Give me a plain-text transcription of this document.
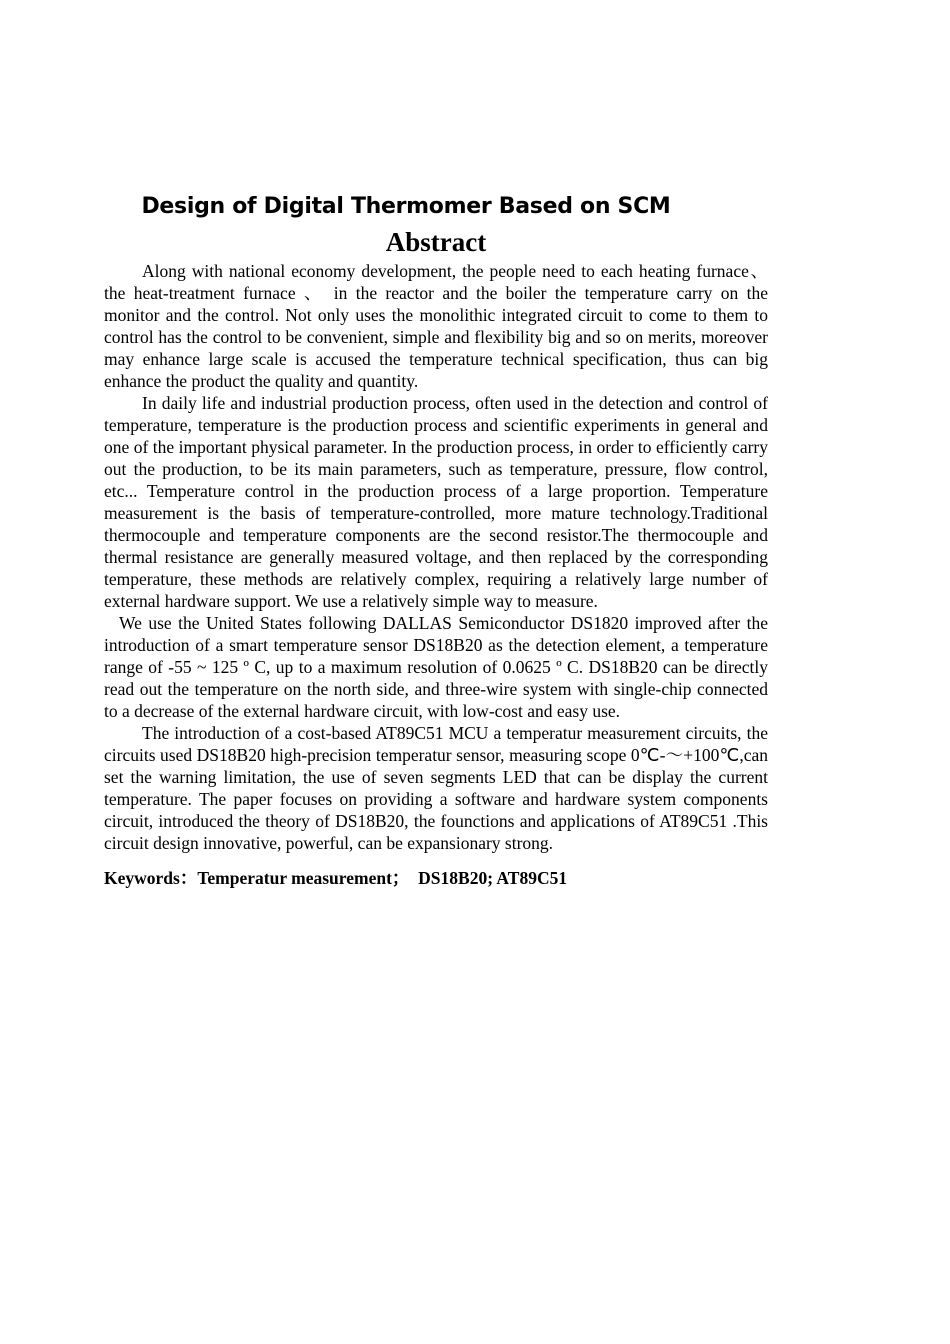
Design of Digital Thermomer Based on SCM
Abstract

Along with national economy development, the people need to each heating furnace、 the heat-treatment furnace 、 in the reactor and the boiler the temperature carry on the monitor and the control. Not only uses the monolithic integrated circuit to come to them to control has the control to be convenient, simple and flexibility big and so on merits, moreover may enhance large scale is accused the temperature technical specification, thus can big enhance the product the quality and quantity.

In daily life and industrial production process, often used in the detection and control of temperature, temperature is the production process and scientific experiments in general and one of the important physical parameter. In the production process, in order to efficiently carry out the production, to be its main parameters, such as temperature, pressure, flow control, etc... Temperature control in the production process of a large proportion. Temperature measurement is the basis of temperature-controlled, more mature technology.Traditional thermocouple and temperature components are the second resistor.The thermocouple and thermal resistance are generally measured voltage, and then replaced by the corresponding temperature, these methods are relatively complex, requiring a relatively large number of external hardware support. We use a relatively simple way to measure.

We use the United States following DALLAS Semiconductor DS1820 improved after the introduction of a smart temperature sensor DS18B20 as the detection element, a temperature range of -55 ~ 125 º C, up to a maximum resolution of 0.0625 º C. DS18B20 can be directly read out the temperature on the north side, and three-wire system with single-chip connected to a decrease of the external hardware circuit, with low-cost and easy use.

The introduction of a cost-based AT89C51 MCU a temperatur measurement circuits, the circuits used DS18B20 high-precision temperatur sensor, measuring scope 0℃-～+100℃,can set the warning limitation, the use of seven segments LED that can be display the current temperature. The paper focuses on providing a software and hardware system components circuit, introduced the theory of DS18B20, the founctions and applications of AT89C51 .This circuit design innovative, powerful, can be expansionary strong.

Keywords：Temperatur measurement；  DS18B20; AT89C51
